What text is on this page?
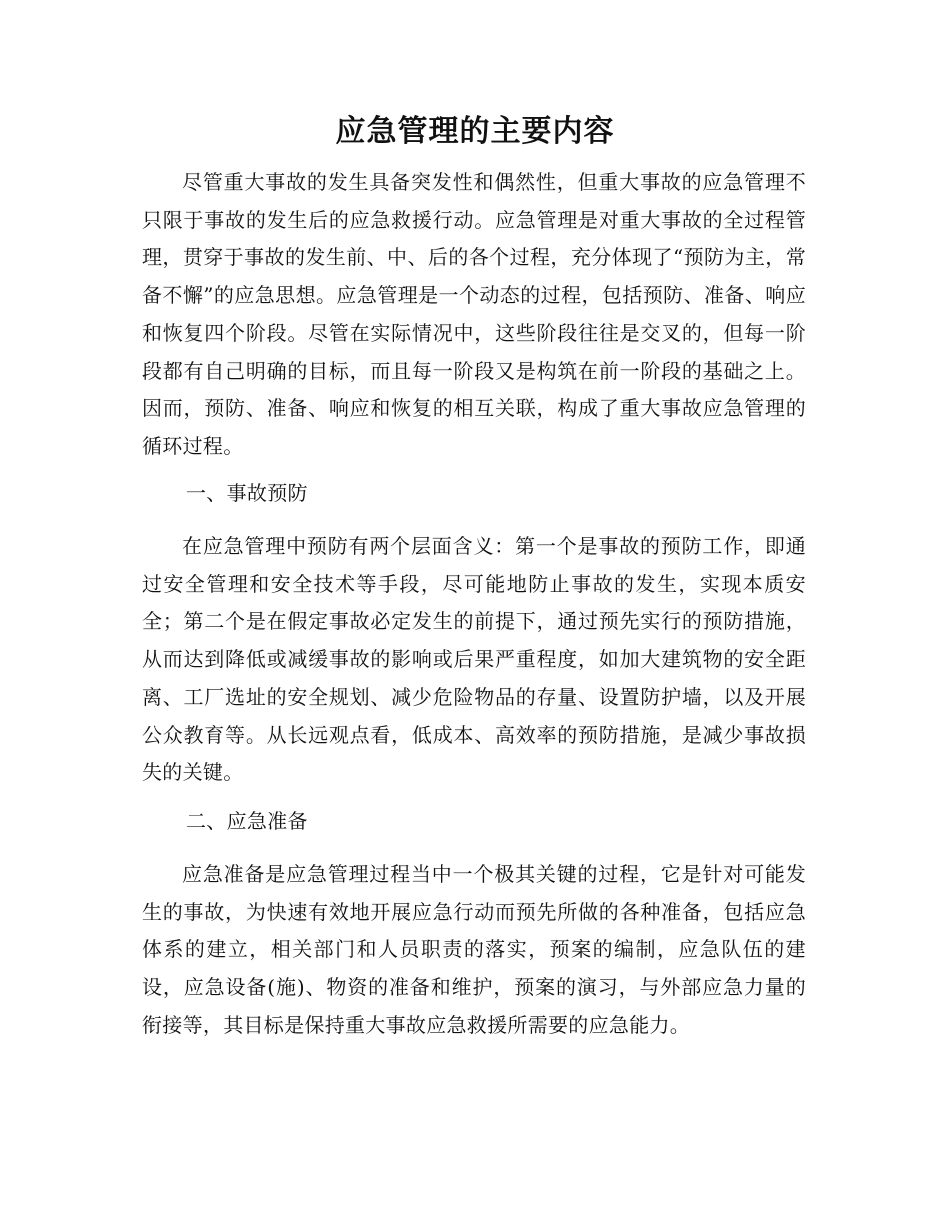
应急管理的主要内容

尽管重大事故的发生具备突发性和偶然性，但重大事故的应急管理不只限于事故的发生后的应急救援行动。应急管理是对重大事故的全过程管理，贯穿于事故的发生前、中、后的各个过程，充分体现了“预防为主，常备不懈”的应急思想。应急管理是一个动态的过程，包括预防、准备、响应和恢复四个阶段。尽管在实际情况中，这些阶段往往是交叉的，但每一阶段都有自己明确的目标，而且每一阶段又是构筑在前一阶段的基础之上。因而，预防、准备、响应和恢复的相互关联，构成了重大事故应急管理的循环过程。

一、事故预防

在应急管理中预防有两个层面含义：第一个是事故的预防工作，即通过安全管理和安全技术等手段，尽可能地防止事故的发生，实现本质安全；第二个是在假定事故必定发生的前提下，通过预先实行的预防措施，从而达到降低或减缓事故的影响或后果严重程度，如加大建筑物的安全距离、工厂选址的安全规划、减少危险物品的存量、设置防护墙，以及开展公众教育等。从长远观点看，低成本、高效率的预防措施，是减少事故损失的关键。

二、应急准备

应急准备是应急管理过程当中一个极其关键的过程，它是针对可能发生的事故，为快速有效地开展应急行动而预先所做的各种准备，包括应急体系的建立，相关部门和人员职责的落实，预案的编制，应急队伍的建设，应急设备(施)、物资的准备和维护，预案的演习，与外部应急力量的衔接等，其目标是保持重大事故应急救援所需要的应急能力。
